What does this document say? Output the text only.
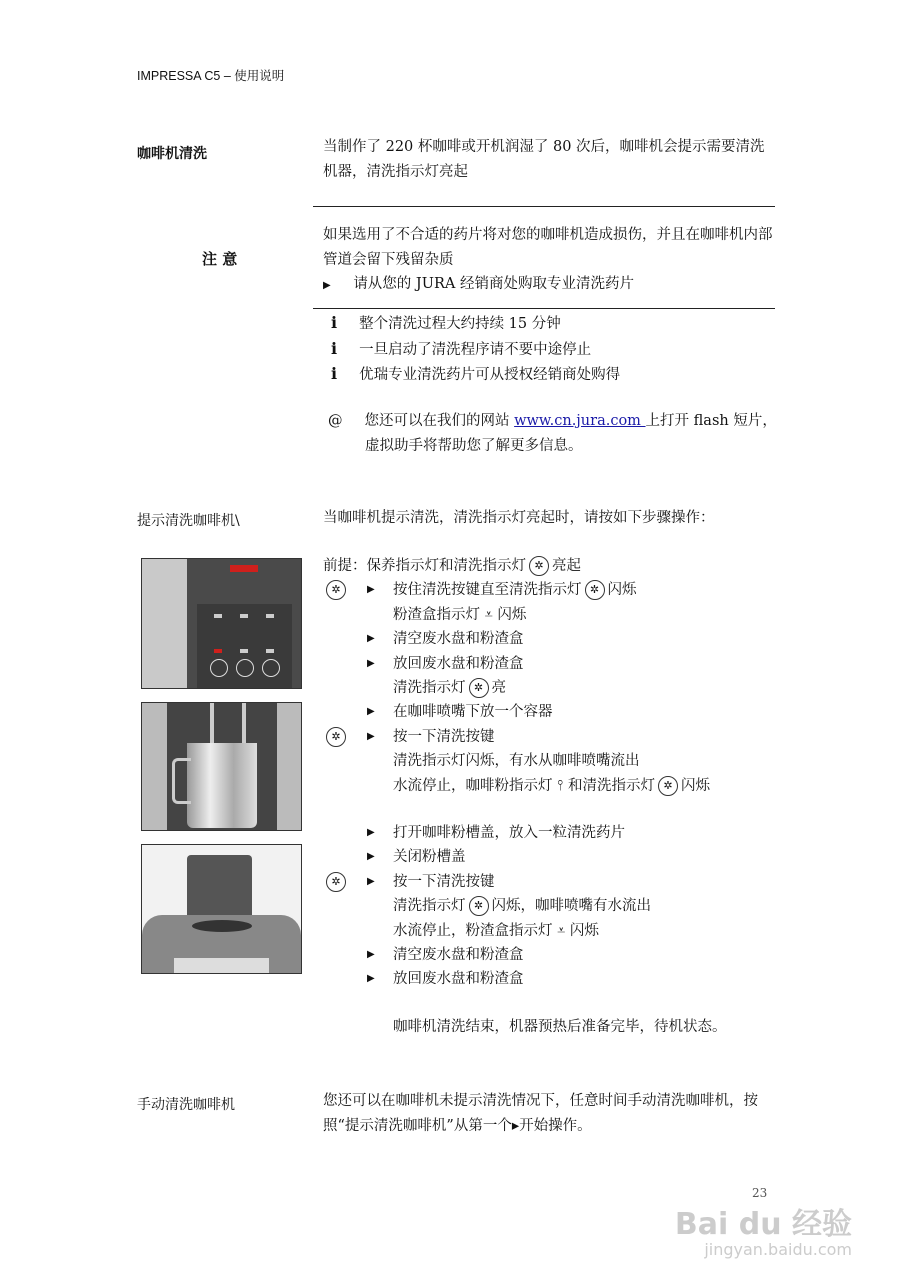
IMPRESSA C5 – 使用说明
咖啡机清洗	当制作了 220 杯咖啡或开机润湿了 80 次后，咖啡机会提示需要清洗机器，清洗指示灯亮起
注 意
如果选用了不合适的药片将对您的咖啡机造成损伤，并且在咖啡机内部管道会留下残留杂质
▶ 请从您的 JURA 经销商处购取专业清洗药片
i 整个清洗过程大约持续 15 分钟
i 一旦启动了清洗程序请不要中途停止
i 优瑞专业清洗药片可从授权经销商处购得
@ 您还可以在我们的网站 www.cn.jura.com 上打开 flash 短片，
虚拟助手将帮助您了解更多信息。
提示清洗咖啡机\	当咖啡机提示清洗，清洗指示灯亮起时，请按如下步骤操作：
前提：保养指示灯和清洗指示灯 ✲ 亮起
✲	▶ 按住清洗按键直至清洗指示灯 ✲ 闪烁
粉渣盒指示灯 ⩡ 闪烁
▶ 清空废水盘和粉渣盒
▶ 放回废水盘和粉渣盒
清洗指示灯 ✲ 亮
▶ 在咖啡喷嘴下放一个容器
✲	▶ 按一下清洗按键
清洗指示灯闪烁，有水从咖啡喷嘴流出
水流停止，咖啡粉指示灯 ⫯ 和清洗指示灯 ✲ 闪烁
▶ 打开咖啡粉槽盖，放入一粒清洗药片
▶ 关闭粉槽盖
✲	▶ 按一下清洗按键
清洗指示灯 ✲ 闪烁，咖啡喷嘴有水流出
水流停止，粉渣盒指示灯 ⩡ 闪烁
▶ 清空废水盘和粉渣盒
▶ 放回废水盘和粉渣盒
咖啡机清洗结束，机器预热后准备完毕，待机状态。
手动清洗咖啡机	您还可以在咖啡机未提示清洗情况下，任意时间手动清洗咖啡机，按照“提示清洗咖啡机”从第一个▸开始操作。
23
Bai du 经验
jingyan.baidu.com
